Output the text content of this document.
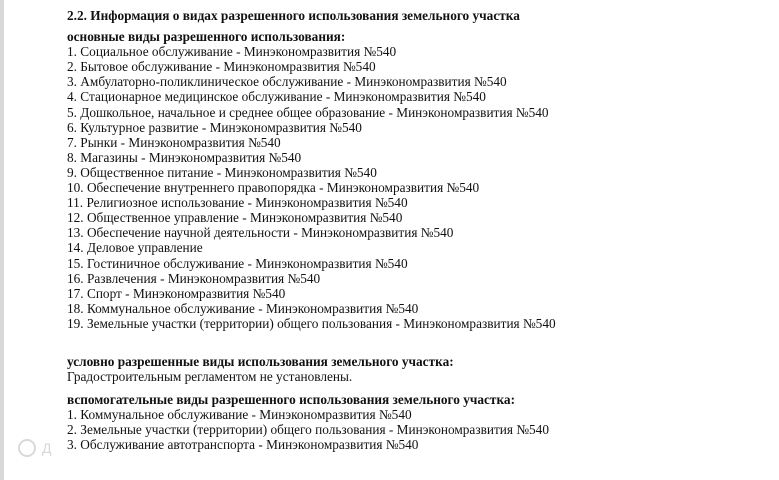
2.2. Информация о видах разрешенного использования земельного участка
основные виды разрешенного использования:
1. Социальное обслуживание - Минэкономразвития №540
2. Бытовое обслуживание - Минэкономразвития №540
3. Амбулаторно-поликлиническое обслуживание - Минэкономразвития №540
4. Стационарное медицинское обслуживание - Минэкономразвития №540
5. Дошкольное, начальное и среднее общее образование - Минэкономразвития №540
6. Культурное развитие - Минэкономразвития №540
7. Рынки - Минэкономразвития №540
8. Магазины - Минэкономразвития №540
9. Общественное питание - Минэкономразвития №540
10. Обеспечение внутреннего правопорядка - Минэкономразвития №540
11. Религиозное использование - Минэкономразвития №540
12. Общественное управление - Минэкономразвития №540
13. Обеспечение научной деятельности - Минэкономразвития №540
14. Деловое управление
15. Гостиничное обслуживание - Минэкономразвития №540
16. Развлечения - Минэкономразвития №540
17. Спорт - Минэкономразвития №540
18. Коммунальное обслуживание - Минэкономразвития №540
19. Земельные участки (территории) общего пользования - Минэкономразвития №540
условно разрешенные виды использования земельного участка:
Градостроительным регламентом не установлены.
вспомогательные виды разрешенного использования земельного участка:
1. Коммунальное обслуживание - Минэкономразвития №540
2. Земельные участки (территории) общего пользования - Минэкономразвития №540
3. Обслуживание автотранспорта - Минэкономразвития №540
Д
